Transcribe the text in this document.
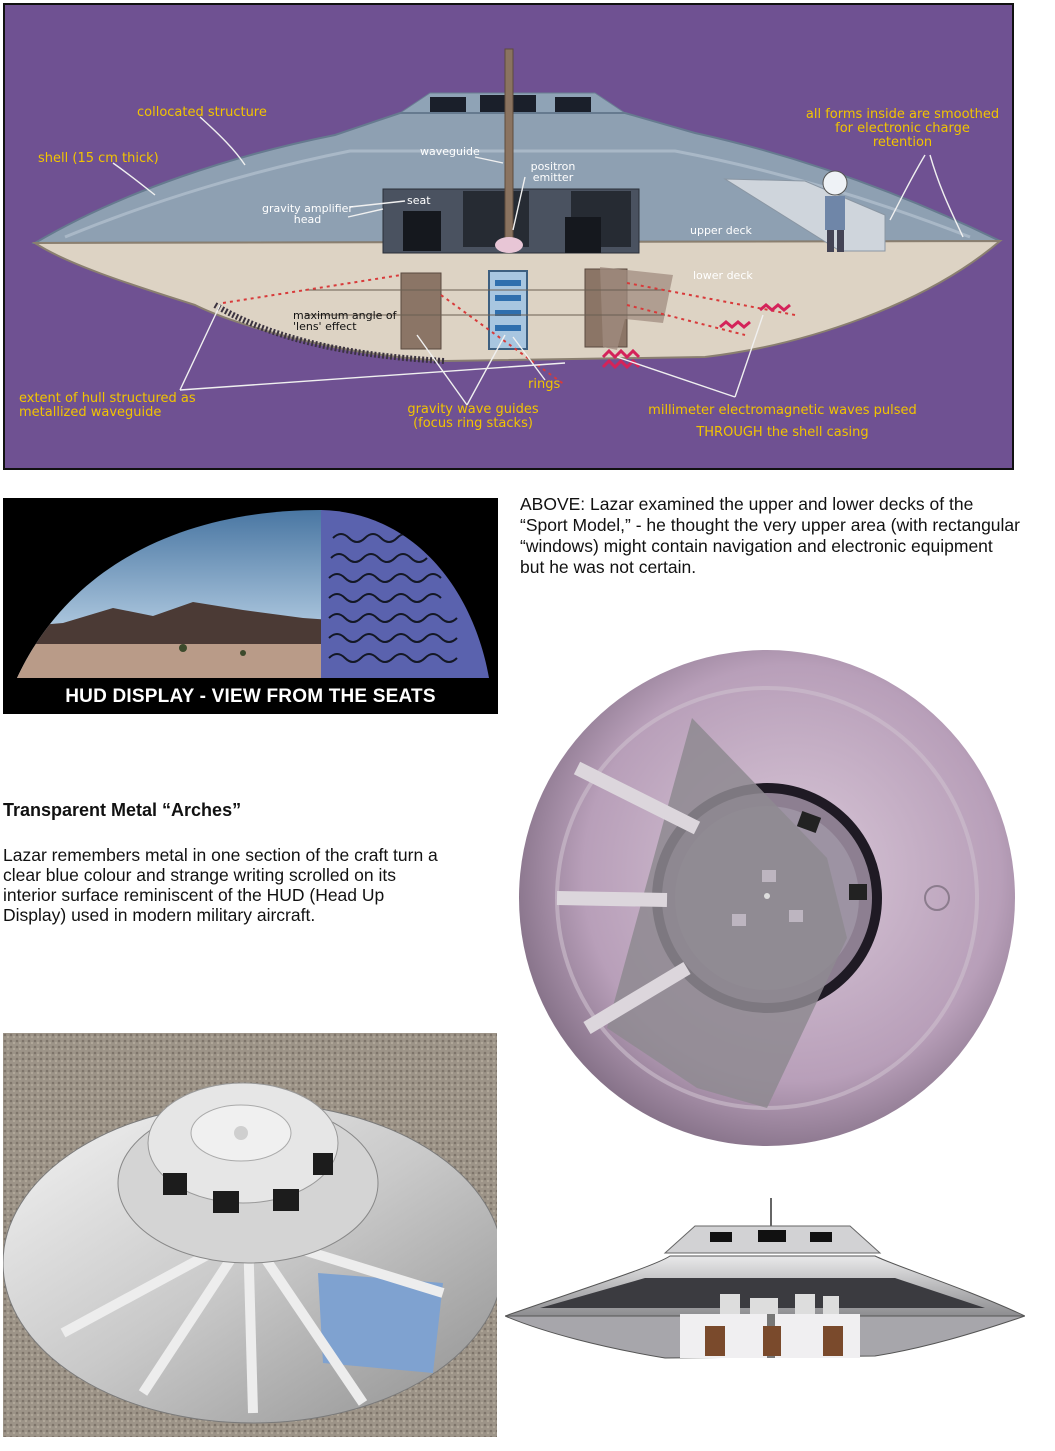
collocated structure
shell (15 cm thick)	waveguide
positron emitter
seat
gravity amplifier head
upper deck
lower deck
all forms inside are smoothed for electronic charge retention
maximum angle of 'lens' effect
rings
extent of hull structured as metallized waveguide	gravity wave guides (focus ring stacks)
millimeter electromagnetic waves pulsed THROUGH the shell casing
HUD DISPLAY - VIEW FROM THE SEATS
ABOVE: Lazar examined the upper and lower decks of the “Sport Model,” - he thought the very upper area (with rectangular “windows) might contain navigation and electronic equipment but he was not certain.
Transparent Metal “Arches”
Lazar remembers metal in one section of the craft turn a clear blue colour and strange writing scrolled on its interior surface reminiscent of the HUD (Head Up Display) used in modern military aircraft.
